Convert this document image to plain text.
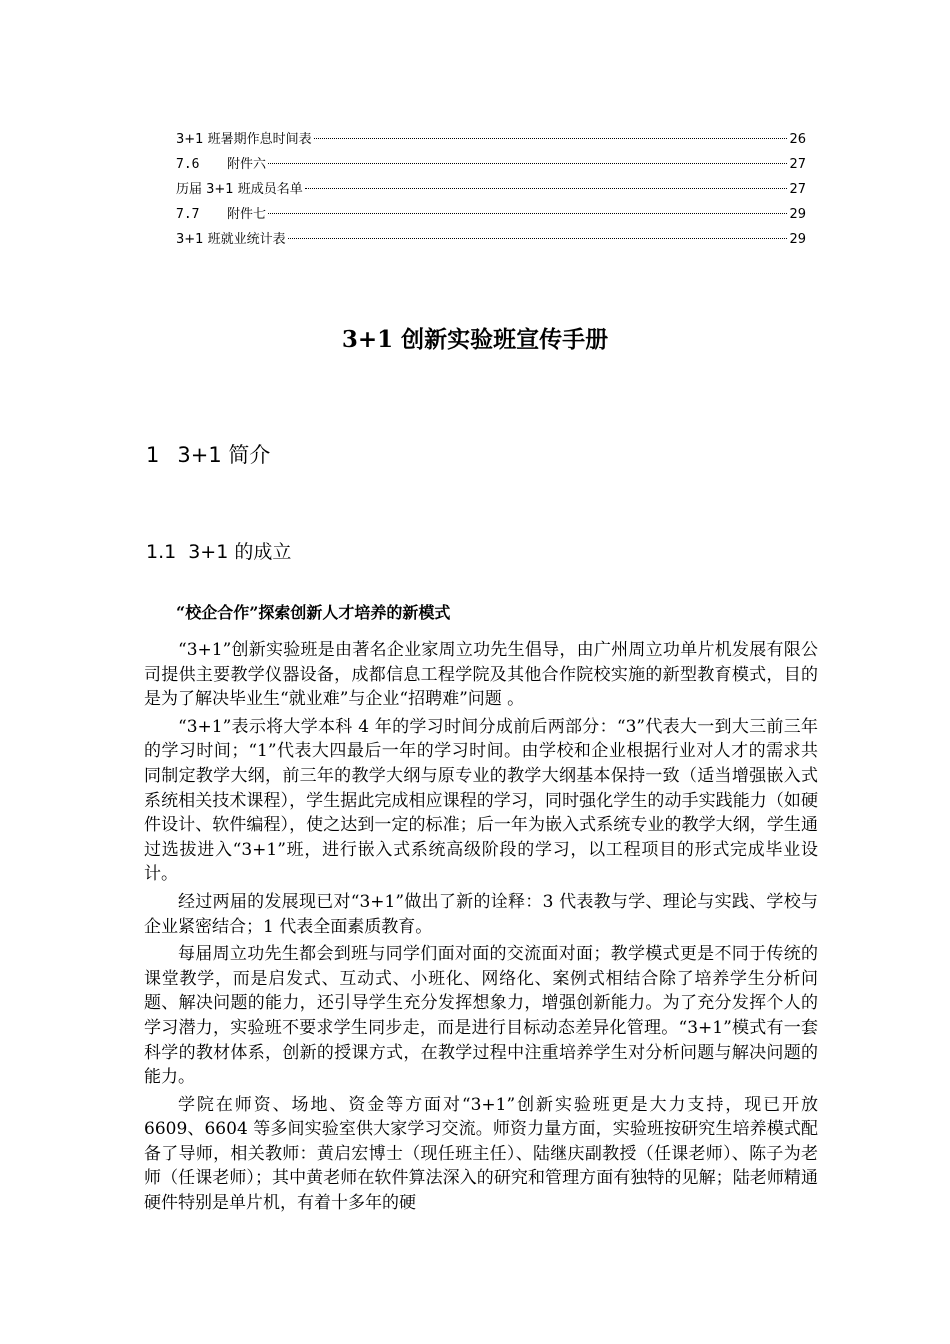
3+1 班暑期作息时间表	26
7.6	附件六	27
历届 3+1 班成员名单	27
7.7	附件七	29
3+1 班就业统计表	29
3+1 创新实验班宣传手册
1 3+1 简介
1.1 3+1 的成立
“校企合作”探索创新人才培养的新模式

“3+1”创新实验班是由著名企业家周立功先生倡导，由广州周立功单片机发展有限公司提供主要教学仪器设备，成都信息工程学院及其他合作院校实施的新型教育模式，目的是为了解决毕业生“就业难”与企业“招聘难”问题 。

“3+1”表示将大学本科 4 年的学习时间分成前后两部分：“3”代表大一到大三前三年的学习时间；“1”代表大四最后一年的学习时间。由学校和企业根据行业对人才的需求共同制定教学大纲，前三年的教学大纲与原专业的教学大纲基本保持一致（适当增强嵌入式系统相关技术课程），学生据此完成相应课程的学习，同时强化学生的动手实践能力（如硬件设计、软件编程），使之达到一定的标准；后一年为嵌入式系统专业的教学大纲，学生通过选拔进入“3+1”班，进行嵌入式系统高级阶段的学习，以工程项目的形式完成毕业设计。

经过两届的发展现已对“3+1”做出了新的诠释：3 代表教与学、理论与实践、学校与企业紧密结合；1 代表全面素质教育。

每届周立功先生都会到班与同学们面对面的交流面对面；教学模式更是不同于传统的课堂教学，而是启发式、互动式、小班化、网络化、案例式相结合除了培养学生分析问题、解决问题的能力，还引导学生充分发挥想象力，增强创新能力。为了充分发挥个人的学习潜力，实验班不要求学生同步走，而是进行目标动态差异化管理。“3+1”模式有一套科学的教材体系，创新的授课方式，在教学过程中注重培养学生对分析问题与解决问题的能力。

学院在师资、场地、资金等方面对“3+1”创新实验班更是大力支持，现已开放 6609、6604 等多间实验室供大家学习交流。师资力量方面，实验班按研究生培养模式配备了导师，相关教师：黄启宏博士（现任班主任）、陆继庆副教授（任课老师）、陈子为老师（任课老师）；其中黄老师在软件算法深入的研究和管理方面有独特的见解；陆老师精通硬件特别是单片机，有着十多年的硬
